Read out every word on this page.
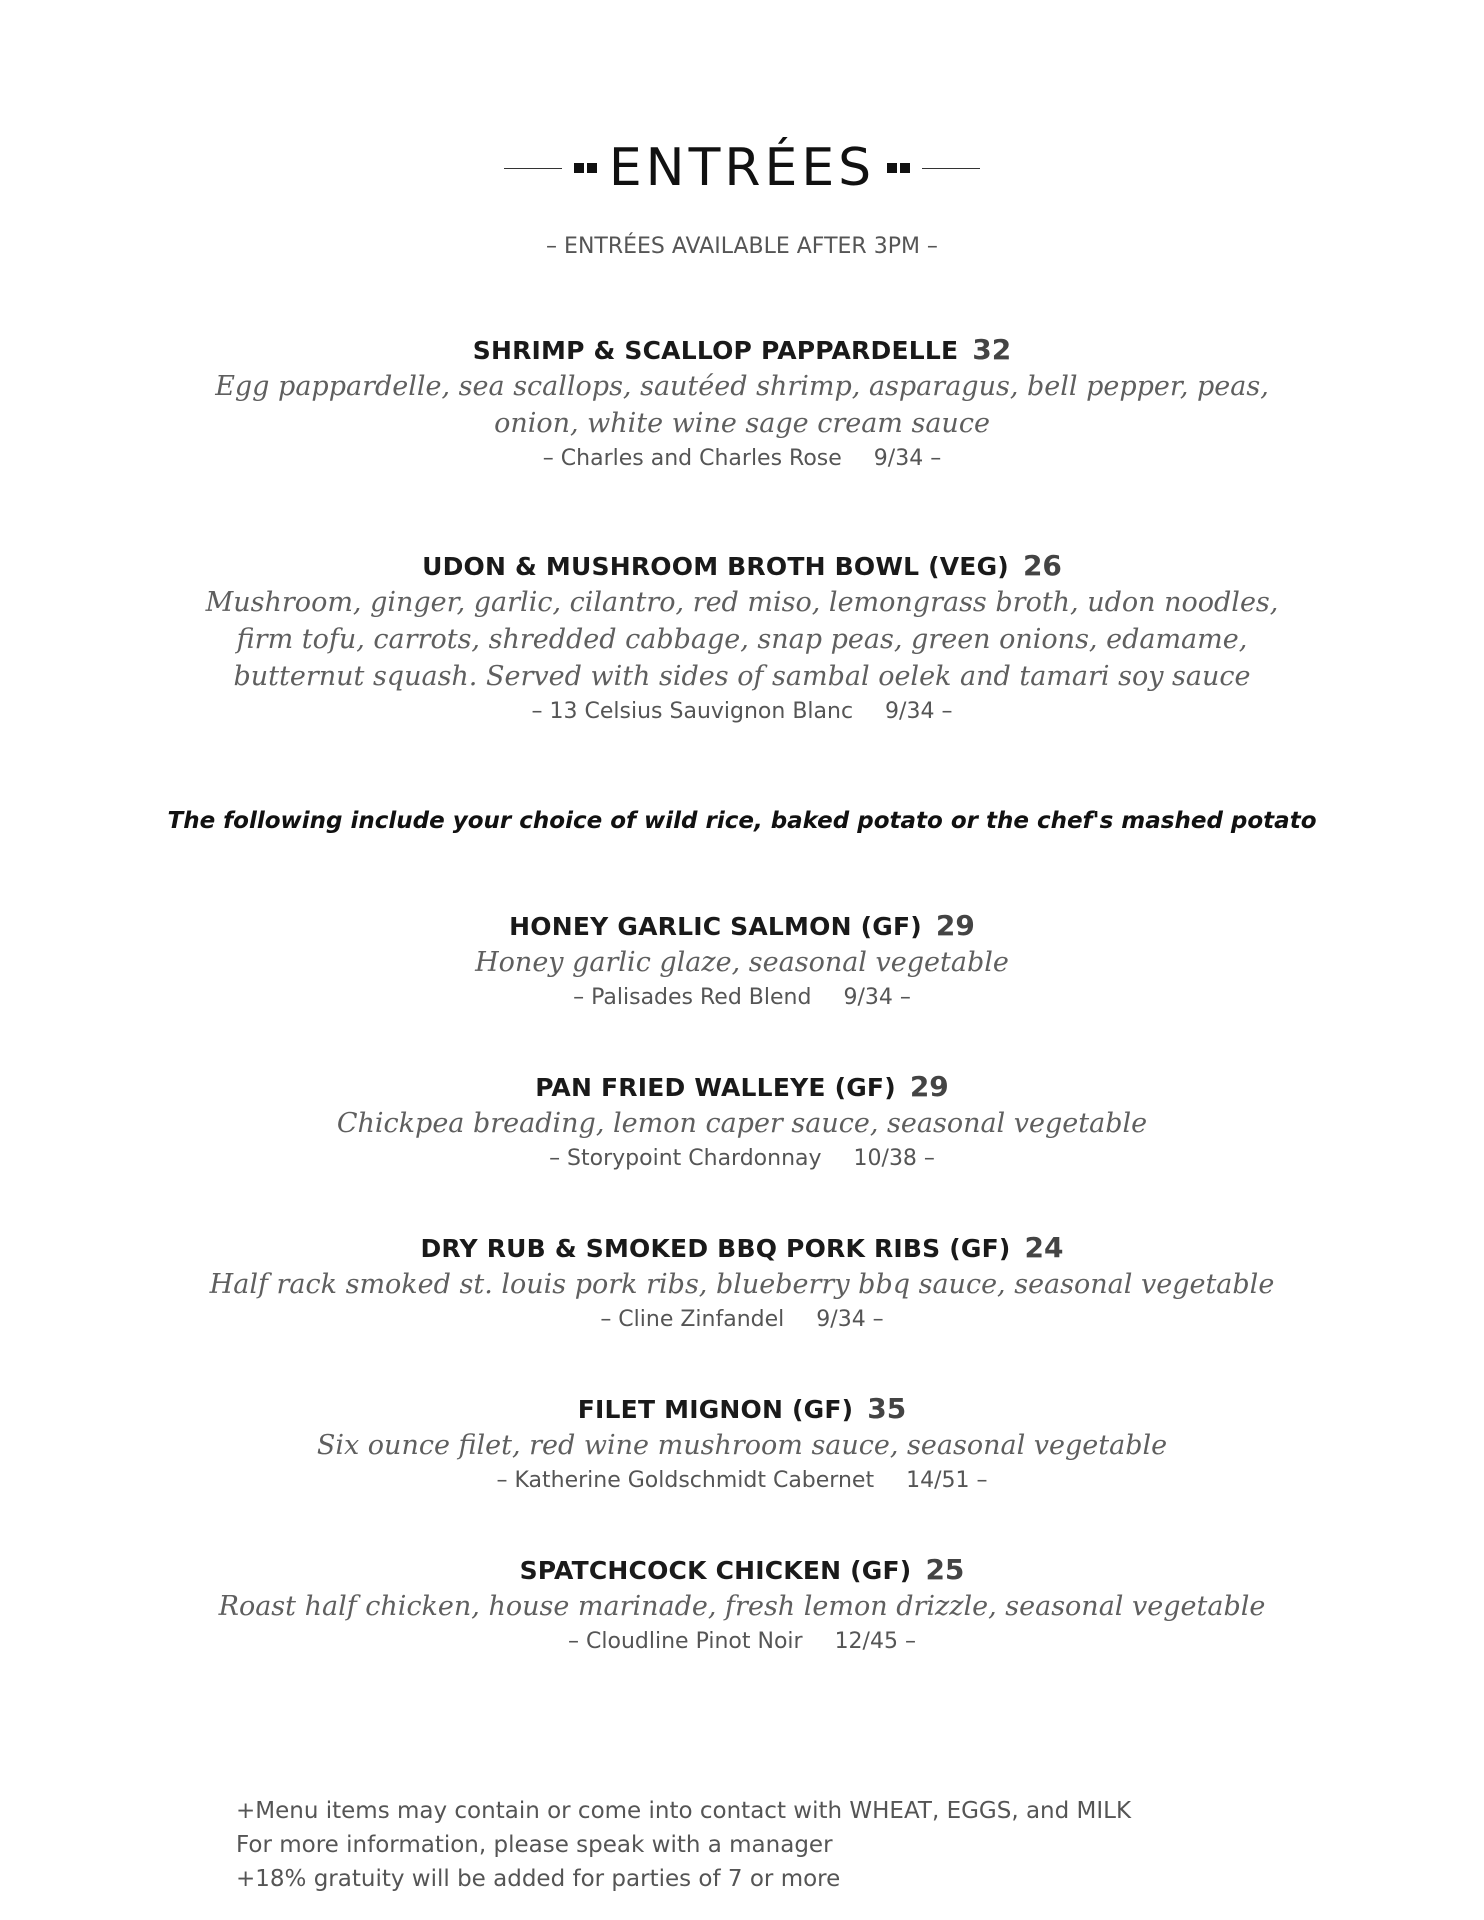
ENTRÉES
– ENTRÉES AVAILABLE AFTER 3PM –
SHRIMP & SCALLOP PAPPARDELLE 32
Egg pappardelle, sea scallops, sautéed shrimp, asparagus, bell pepper, peas,
onion, white wine sage cream sauce
– Charles and Charles Rose 9/34 –
UDON & MUSHROOM BROTH BOWL (VEG) 26
Mushroom, ginger, garlic, cilantro, red miso, lemongrass broth, udon noodles,
firm tofu, carrots, shredded cabbage, snap peas, green onions, edamame,
butternut squash. Served with sides of sambal oelek and tamari soy sauce
– 13 Celsius Sauvignon Blanc 9/34 –
The following include your choice of wild rice, baked potato or the chef's mashed potato
HONEY GARLIC SALMON (GF) 29
Honey garlic glaze, seasonal vegetable
– Palisades Red Blend 9/34 –
PAN FRIED WALLEYE (GF) 29
Chickpea breading, lemon caper sauce, seasonal vegetable
– Storypoint Chardonnay 10/38 –
DRY RUB & SMOKED BBQ PORK RIBS (GF) 24
Half rack smoked st. louis pork ribs, blueberry bbq sauce, seasonal vegetable
– Cline Zinfandel 9/34 –
FILET MIGNON (GF) 35
Six ounce filet, red wine mushroom sauce, seasonal vegetable
– Katherine Goldschmidt Cabernet 14/51 –
SPATCHCOCK CHICKEN (GF) 25
Roast half chicken, house marinade, fresh lemon drizzle, seasonal vegetable
– Cloudline Pinot Noir 12/45 –
+Menu items may contain or come into contact with WHEAT, EGGS, and MILK
For more information, please speak with a manager
+18% gratuity will be added for parties of 7 or more
